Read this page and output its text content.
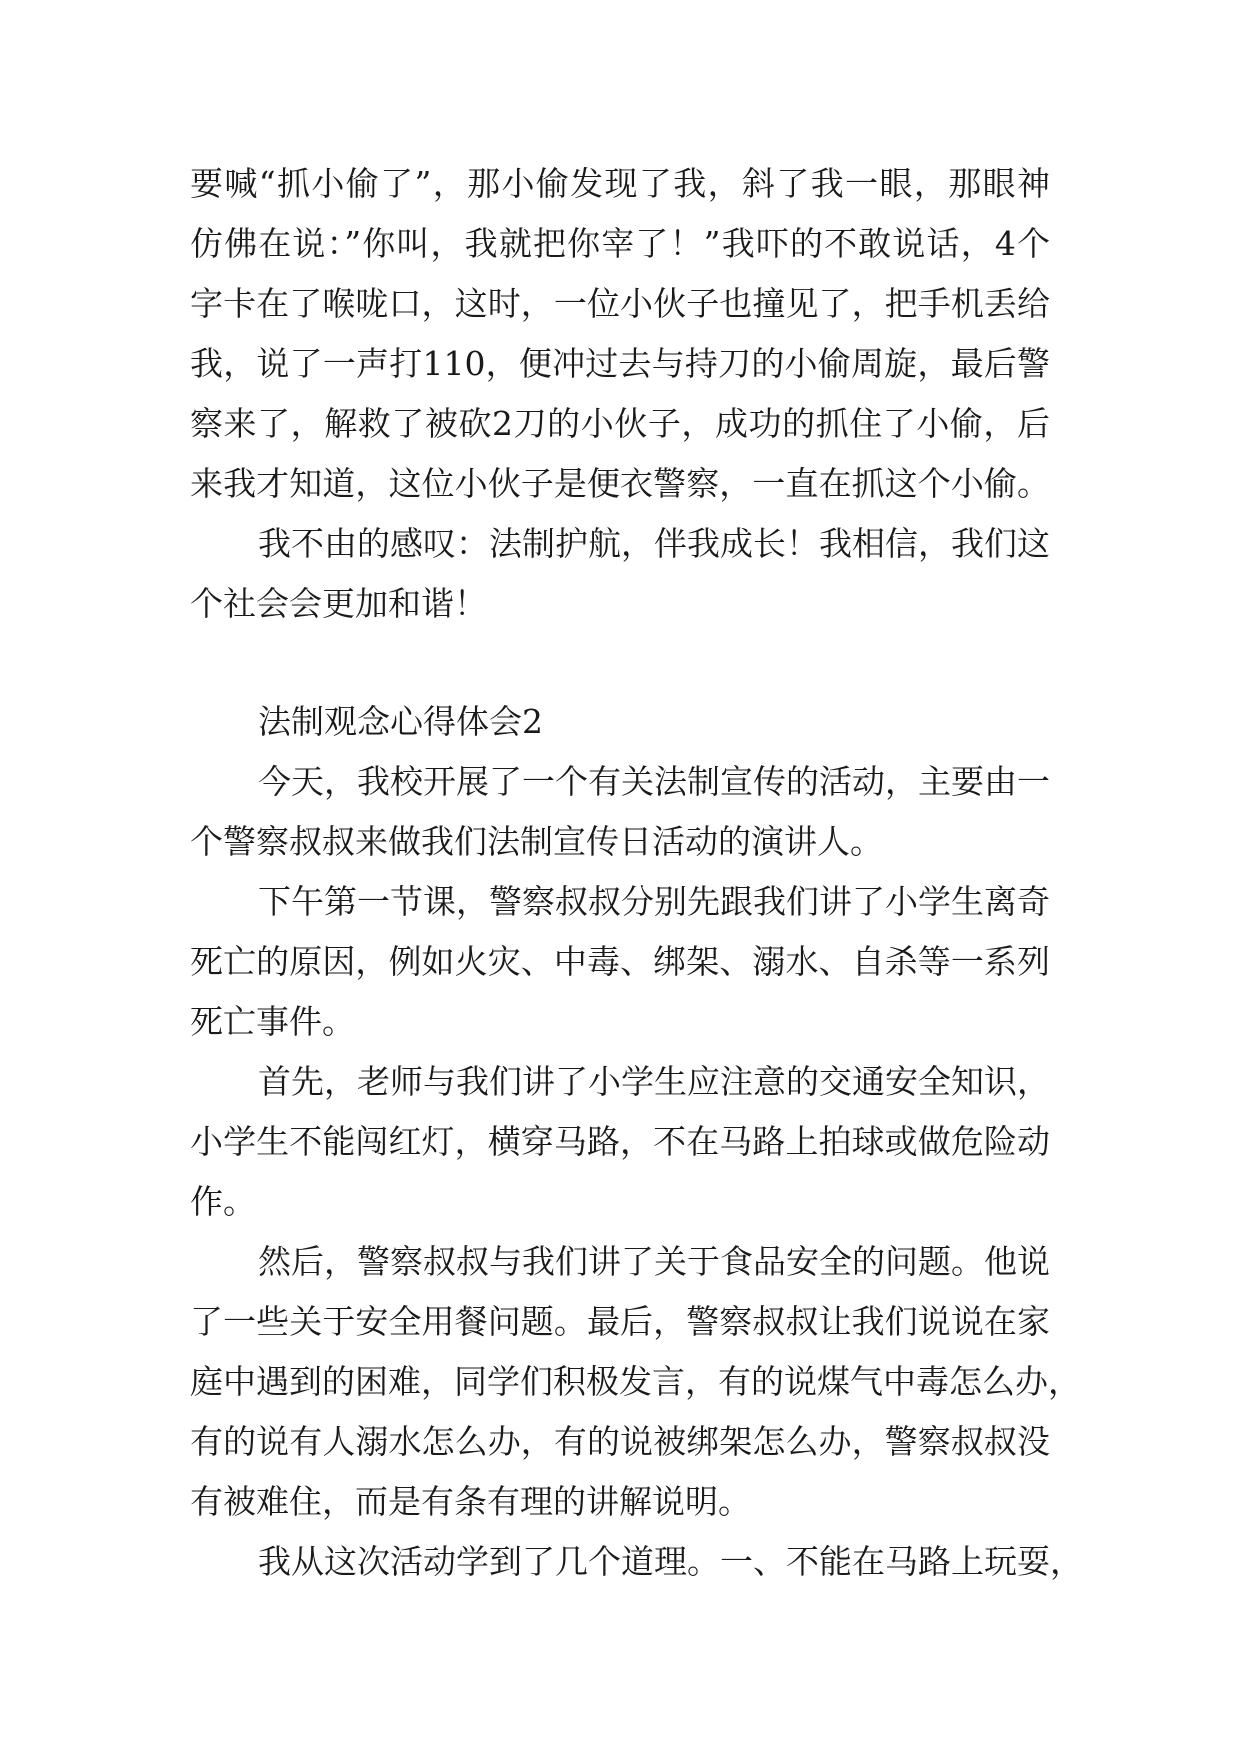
要喊“抓小偷了”，那小偷发现了我，斜了我一眼，那眼神
仿佛在说：”你叫，我就把你宰了！”我吓的不敢说话，4个
字卡在了喉咙口，这时，一位小伙子也撞见了，把手机丢给
我，说了一声打110，便冲过去与持刀的小偷周旋，最后警
察来了，解救了被砍2刀的小伙子，成功的抓住了小偷，后
来我才知道，这位小伙子是便衣警察，一直在抓这个小偷。
我不由的感叹：法制护航，伴我成长！我相信，我们这
个社会会更加和谐！
法制观念心得体会2
今天，我校开展了一个有关法制宣传的活动，主要由一
个警察叔叔来做我们法制宣传日活动的演讲人。
下午第一节课，警察叔叔分别先跟我们讲了小学生离奇
死亡的原因，例如火灾、中毒、绑架、溺水、自杀等一系列
死亡事件。
首先，老师与我们讲了小学生应注意的交通安全知识，
小学生不能闯红灯，横穿马路，不在马路上拍球或做危险动
作。
然后，警察叔叔与我们讲了关于食品安全的问题。他说
了一些关于安全用餐问题。最后，警察叔叔让我们说说在家
庭中遇到的困难，同学们积极发言，有的说煤气中毒怎么办，
有的说有人溺水怎么办，有的说被绑架怎么办，警察叔叔没
有被难住，而是有条有理的讲解说明。
我从这次活动学到了几个道理。一、不能在马路上玩耍，
